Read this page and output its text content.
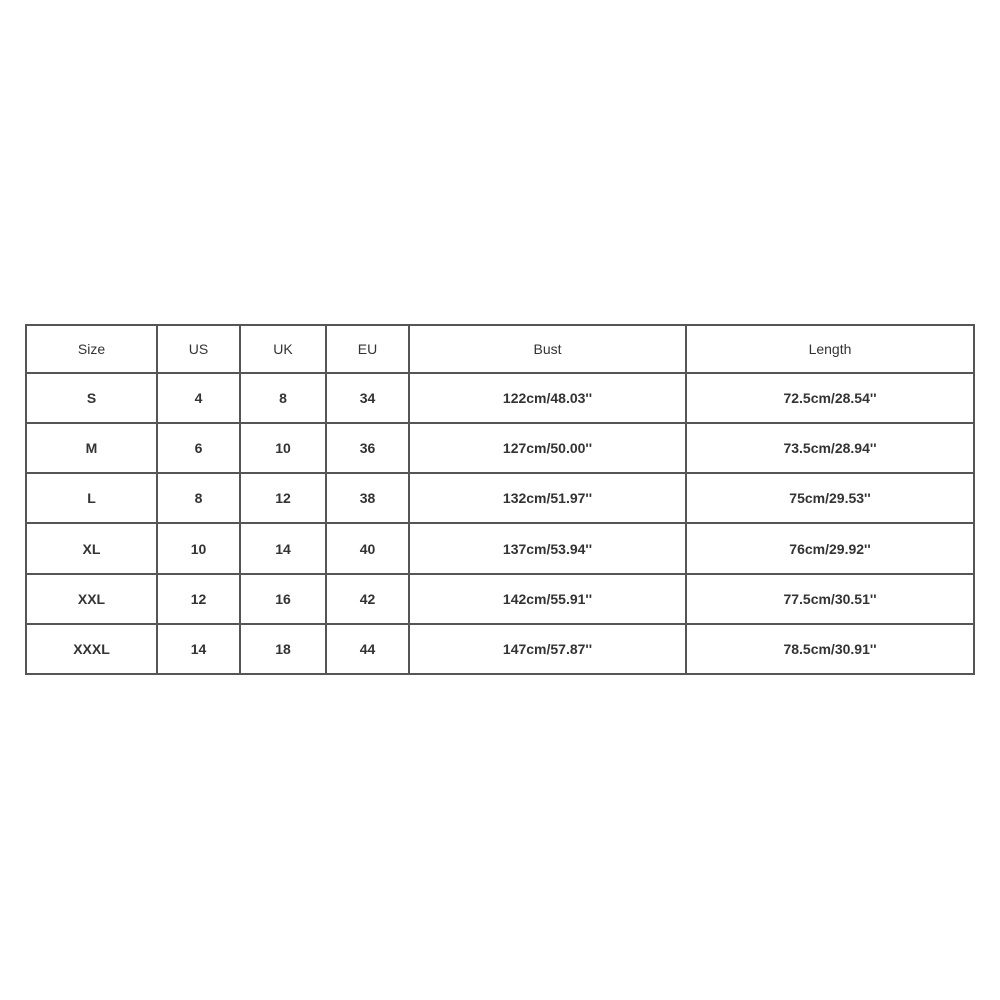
Size	US	UK	EU	Bust	Length
S	4	8	34	122cm/48.03''	72.5cm/28.54''
M	6	10	36	127cm/50.00''	73.5cm/28.94''
L	8	12	38	132cm/51.97''	75cm/29.53''
XL	10	14	40	137cm/53.94''	76cm/29.92''
XXL	12	16	42	142cm/55.91''	77.5cm/30.51''
XXXL	14	18	44	147cm/57.87''	78.5cm/30.91''
